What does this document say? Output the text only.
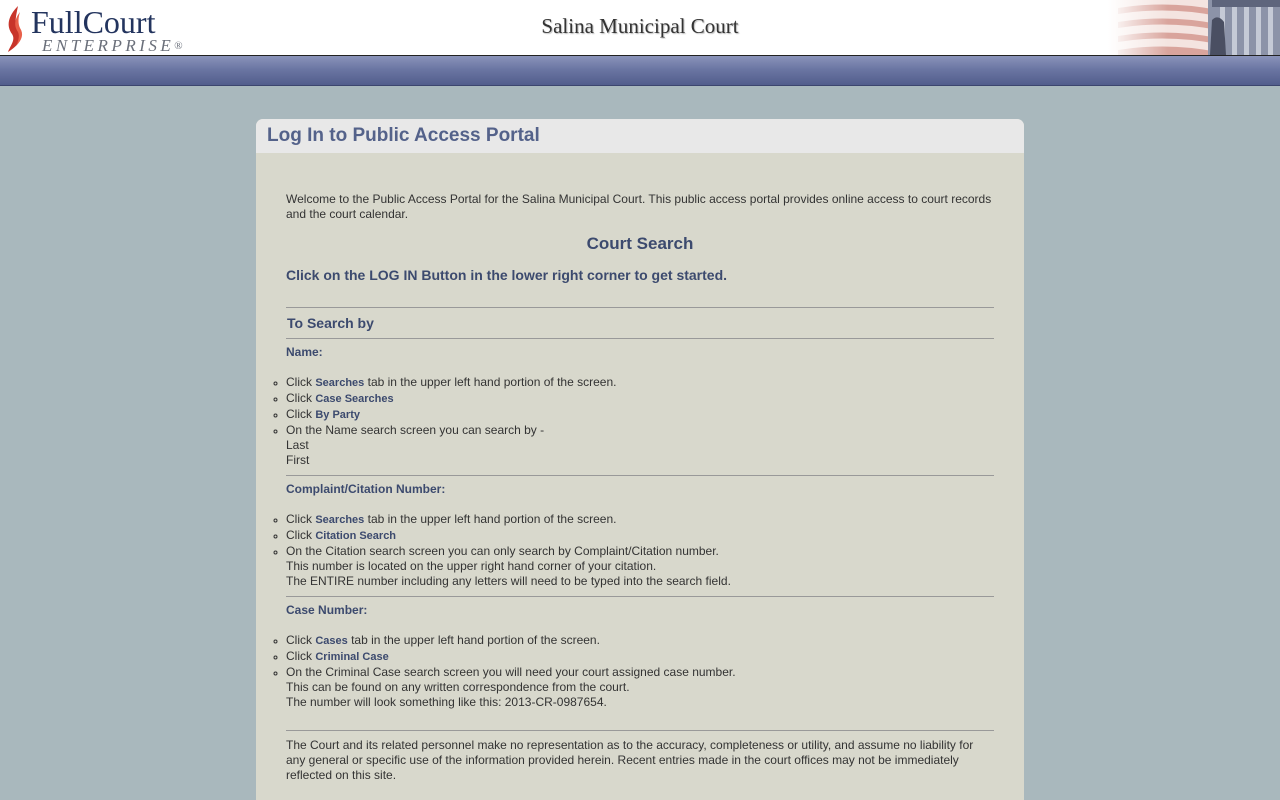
FullCourt
ENTERPRISE®
Salina Municipal Court
Log In to Public Access Portal

Welcome to the Public Access Portal for the Salina Municipal Court. This public access portal provides online access to court records and the court calendar.

Court Search
Click on the LOG IN Button in the lower right corner to get started.
To Search by
Name:
◦ Click Searches tab in the upper left hand portion of the screen.
◦ Click Case Searches
◦ Click By Party
◦ On the Name search screen you can search by -
Last
First
Complaint/Citation Number:
◦ Click Searches tab in the upper left hand portion of the screen.
◦ Click Citation Search
◦ On the Citation search screen you can only search by Complaint/Citation number.
This number is located on the upper right hand corner of your citation.
The ENTIRE number including any letters will need to be typed into the search field.
Case Number:
◦ Click Cases tab in the upper left hand portion of the screen.
◦ Click Criminal Case
◦ On the Criminal Case search screen you will need your court assigned case number.
This can be found on any written correspondence from the court.
The number will look something like this: 2013-CR-0987654.

The Court and its related personnel make no representation as to the accuracy, completeness or utility, and assume no liability for any general or specific use of the information provided herein. Recent entries made in the court offices may not be immediately reflected on this site.
